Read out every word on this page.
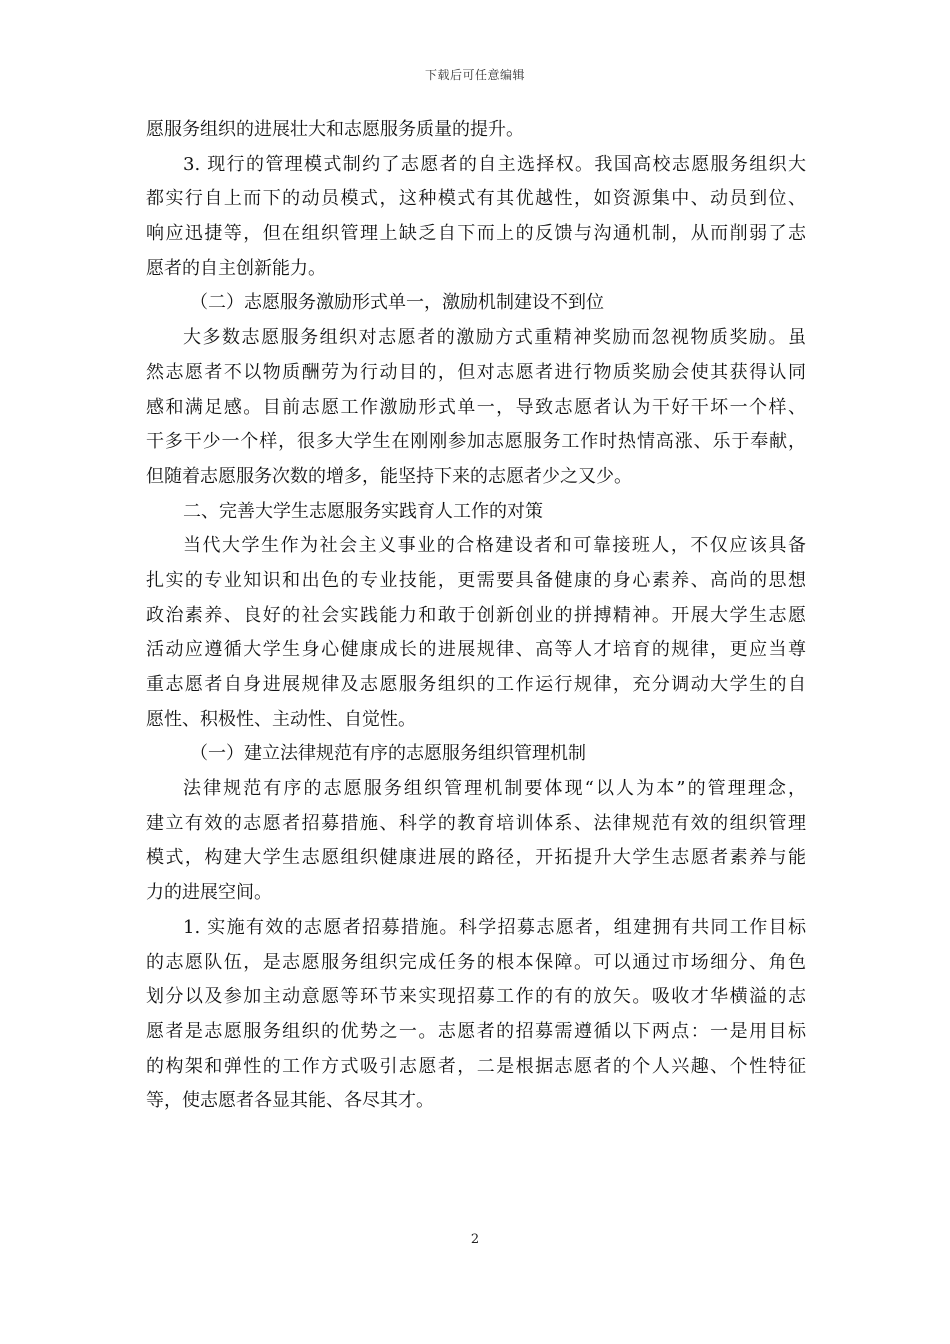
下载后可任意编辑
愿服务组织的进展壮大和志愿服务质量的提升。
3. 现行的管理模式制约了志愿者的自主选择权。我国高校志愿服务组织大
都实行自上而下的动员模式，这种模式有其优越性，如资源集中、动员到位、
响应迅捷等，但在组织管理上缺乏自下而上的反馈与沟通机制，从而削弱了志
愿者的自主创新能力。
（二）志愿服务激励形式单一，激励机制建设不到位
大多数志愿服务组织对志愿者的激励方式重精神奖励而忽视物质奖励。虽
然志愿者不以物质酬劳为行动目的，但对志愿者进行物质奖励会使其获得认同
感和满足感。目前志愿工作激励形式单一，导致志愿者认为干好干坏一个样、
干多干少一个样，很多大学生在刚刚参加志愿服务工作时热情高涨、乐于奉献，
但随着志愿服务次数的增多，能坚持下来的志愿者少之又少。
二、完善大学生志愿服务实践育人工作的对策
当代大学生作为社会主义事业的合格建设者和可靠接班人，不仅应该具备
扎实的专业知识和出色的专业技能，更需要具备健康的身心素养、高尚的思想
政治素养、良好的社会实践能力和敢于创新创业的拼搏精神。开展大学生志愿
活动应遵循大学生身心健康成长的进展规律、高等人才培育的规律，更应当尊
重志愿者自身进展规律及志愿服务组织的工作运行规律，充分调动大学生的自
愿性、积极性、主动性、自觉性。
（一）建立法律规范有序的志愿服务组织管理机制
法律规范有序的志愿服务组织管理机制要体现“以人为本”的管理理念，
建立有效的志愿者招募措施、科学的教育培训体系、法律规范有效的组织管理
模式，构建大学生志愿组织健康进展的路径，开拓提升大学生志愿者素养与能
力的进展空间。
1. 实施有效的志愿者招募措施。科学招募志愿者，组建拥有共同工作目标
的志愿队伍，是志愿服务组织完成任务的根本保障。可以通过市场细分、角色
划分以及参加主动意愿等环节来实现招募工作的有的放矢。吸收才华横溢的志
愿者是志愿服务组织的优势之一。志愿者的招募需遵循以下两点：一是用目标
的构架和弹性的工作方式吸引志愿者，二是根据志愿者的个人兴趣、个性特征
等，使志愿者各显其能、各尽其才。
2
